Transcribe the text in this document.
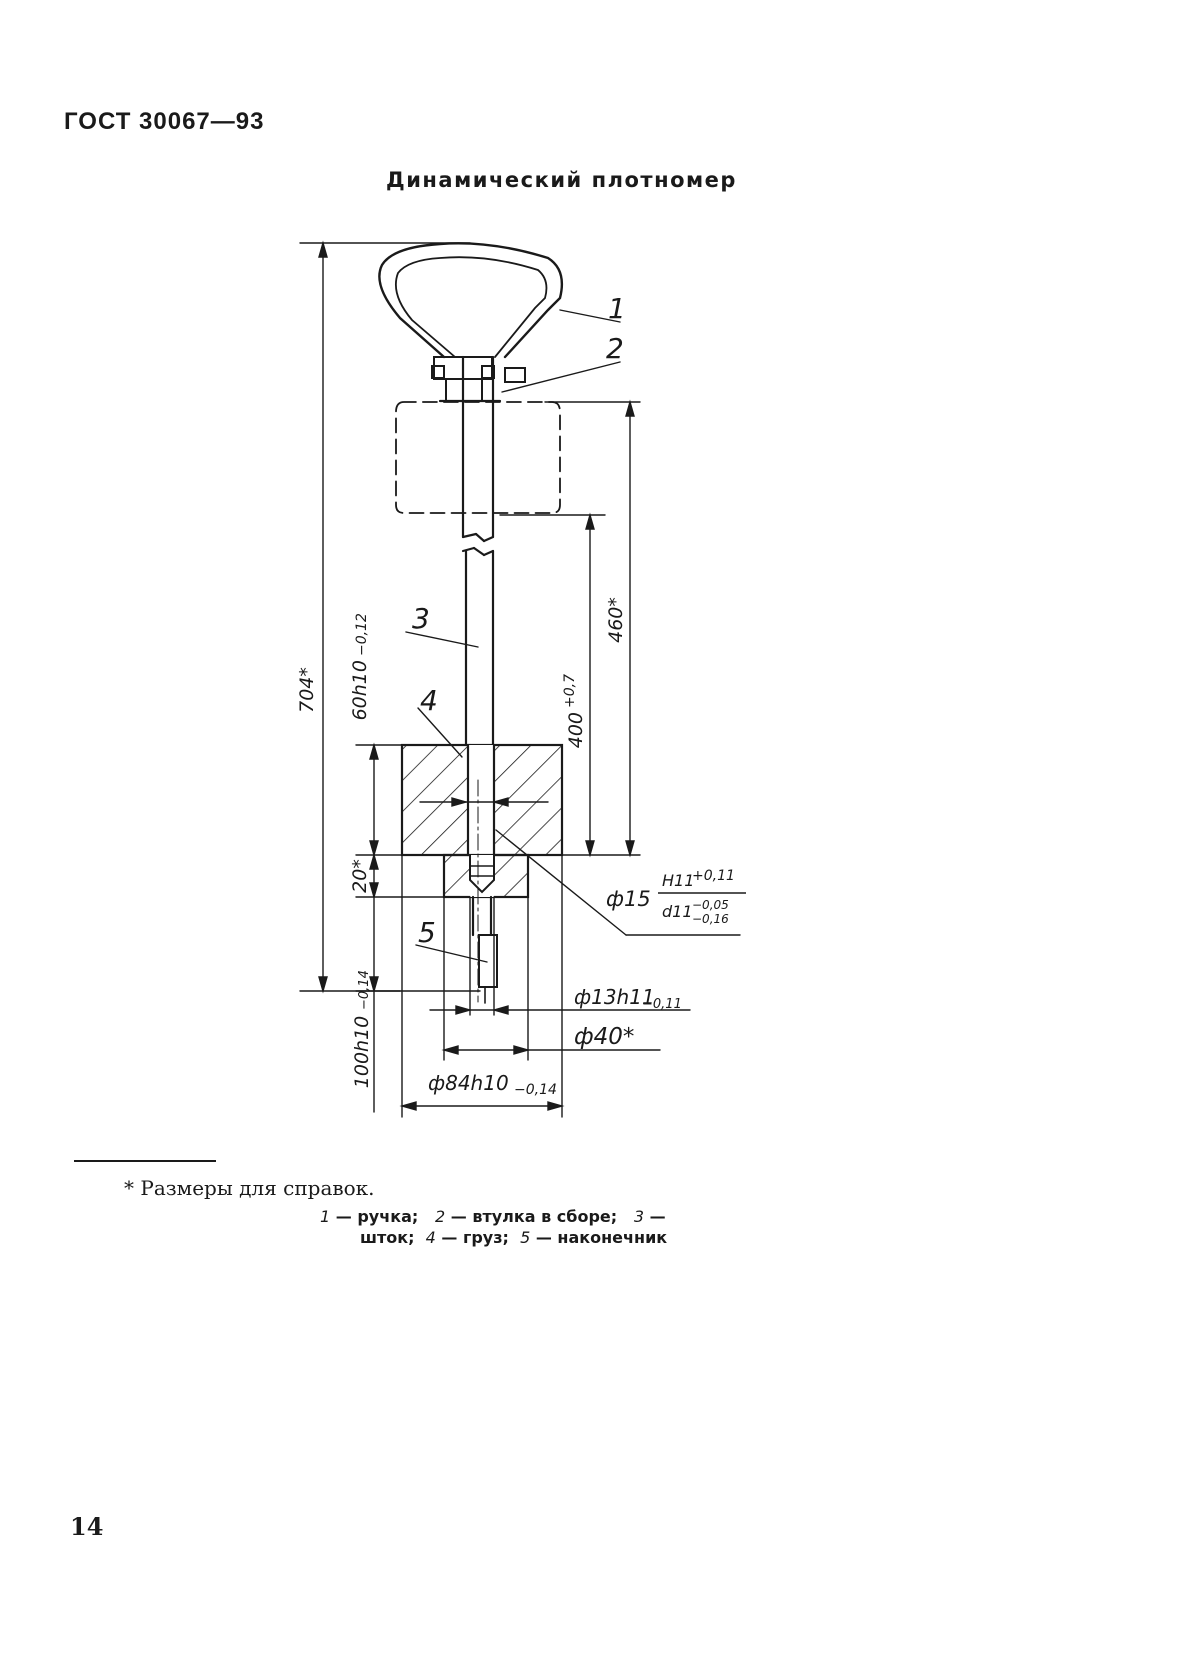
ГОСТ 30067—93
Динамический плотномер
704* 60h10
−0,12
400
+0,7
460*
20*
100h10
−0,14
ф15
H11
+0,11
d11 −0,05
−0,16
ф13h11
−0,11
ф40*
ф84h10 −0,14
1
2
3
4
5
* Размеры для справок.
1 — ручка; 2 — втулка в сборе; 3 —
шток; 4 — груз; 5 — наконечник
14
